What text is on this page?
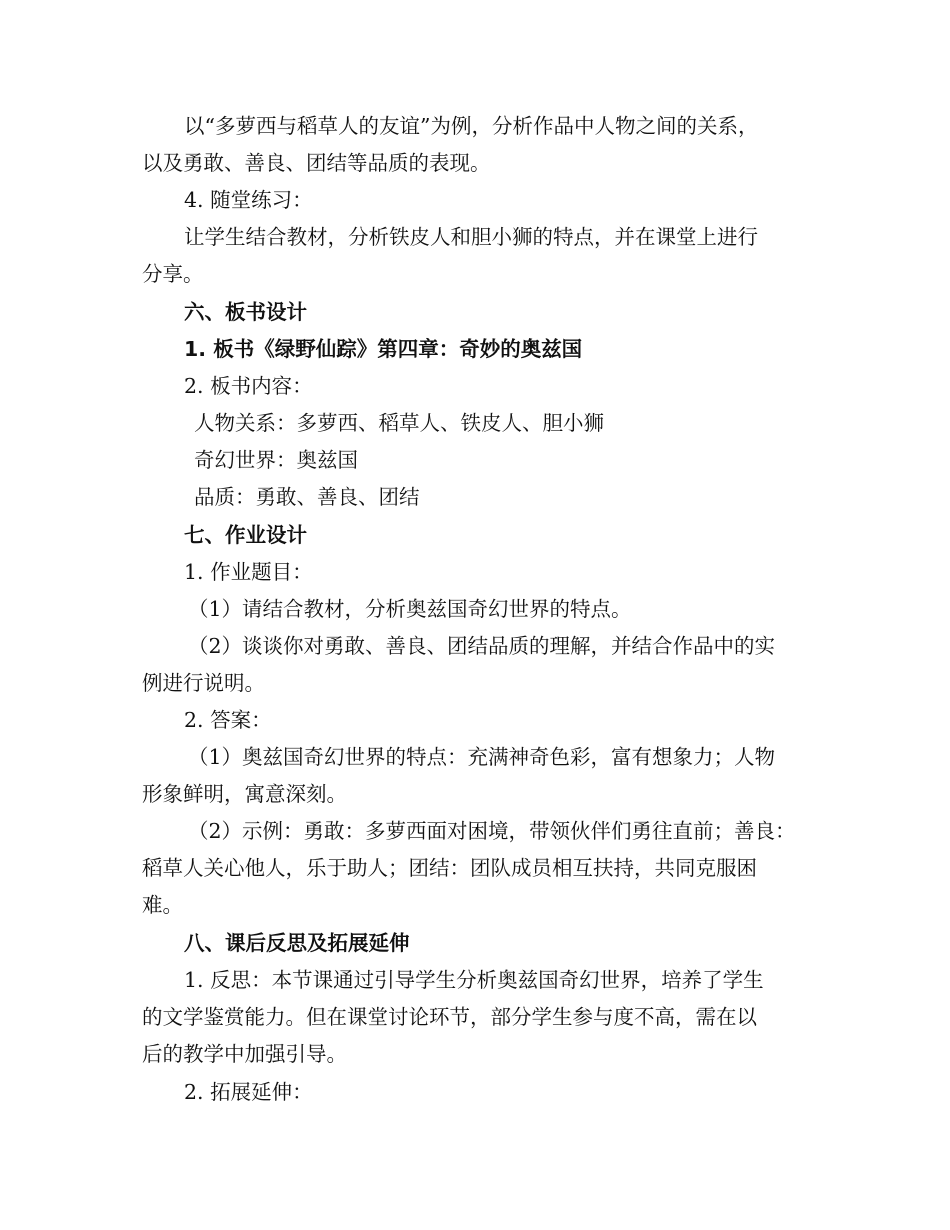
以“多萝西与稻草人的友谊”为例，分析作品中人物之间的关系，
以及勇敢、善良、团结等品质的表现。
4. 随堂练习：
让学生结合教材，分析铁皮人和胆小狮的特点，并在课堂上进行
分享。
六、板书设计
1. 板书《绿野仙踪》第四章：奇妙的奥兹国
2. 板书内容：
人物关系：多萝西、稻草人、铁皮人、胆小狮
奇幻世界：奥兹国
品质：勇敢、善良、团结
七、作业设计
1. 作业题目：
（1）请结合教材，分析奥兹国奇幻世界的特点。
（2）谈谈你对勇敢、善良、团结品质的理解，并结合作品中的实
例进行说明。
2. 答案：
（1）奥兹国奇幻世界的特点：充满神奇色彩，富有想象力；人物
形象鲜明，寓意深刻。
（2）示例：勇敢：多萝西面对困境，带领伙伴们勇往直前；善良：
稻草人关心他人，乐于助人；团结：团队成员相互扶持，共同克服困
难。
八、课后反思及拓展延伸
1. 反思：本节课通过引导学生分析奥兹国奇幻世界，培养了学生
的文学鉴赏能力。但在课堂讨论环节，部分学生参与度不高，需在以
后的教学中加强引导。
2. 拓展延伸：
